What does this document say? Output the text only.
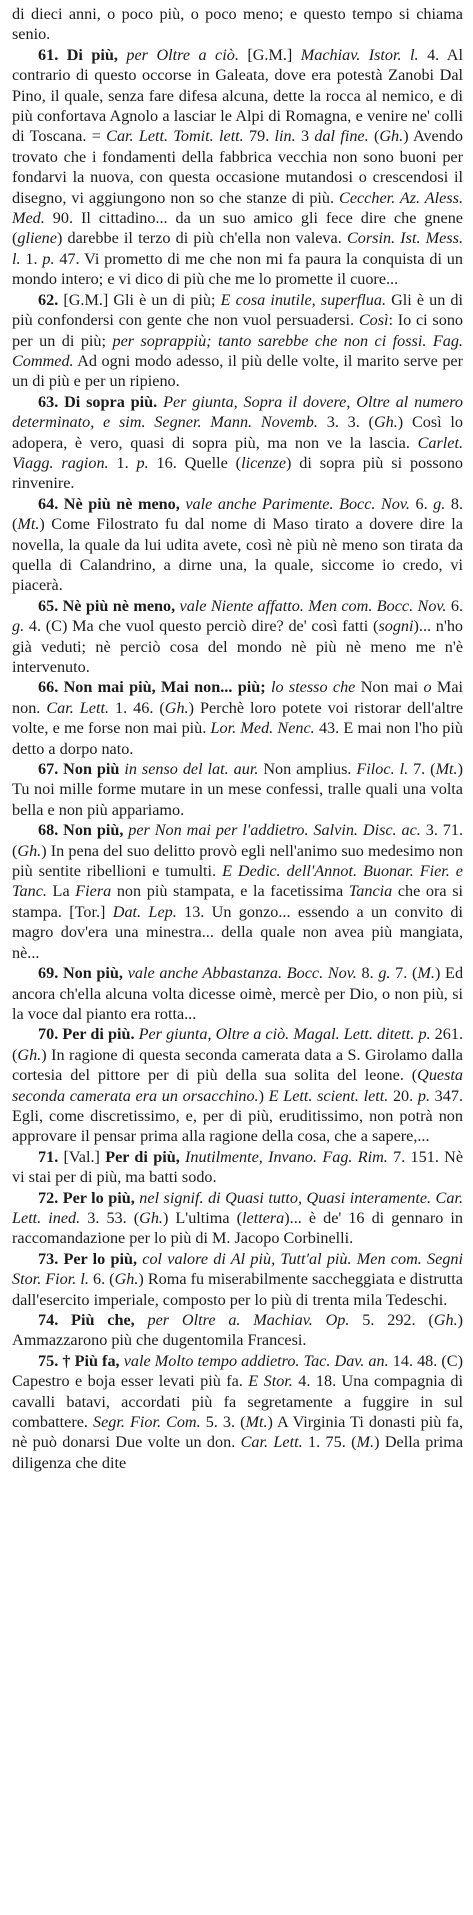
di dieci anni, o poco più, o poco meno; e questo tempo si chiama senio.

61. Di più, per Oltre a ciò. [G.M.] Machiav. Istor. l. 4. Al contrario di questo occorse in Galeata, dove era potestà Zanobi Dal Pino, il quale, senza fare difesa alcuna, dette la rocca al nemico, e di più confortava Agnolo a lasciar le Alpi di Romagna, e venire ne' colli di Toscana. = Car. Lett. Tomit. lett. 79. lin. 3 dal fine. (Gh.) Avendo trovato che i fondamenti della fabbrica vecchia non sono buoni per fondarvi la nuova, con questa occasione mutandosi o crescendosi il disegno, vi aggiungono non so che stanze di più. Ceccher. Az. Aless. Med. 90. Il cittadino... da un suo amico gli fece dire che gnene (gliene) darebbe il terzo di più ch'ella non valeva. Corsin. Ist. Mess. l. 1. p. 47. Vi prometto di me che non mi fa paura la conquista di un mondo intero; e vi dico di più che me lo promette il cuore...

62. [G.M.] Gli è un di più; E cosa inutile, superflua. Gli è un di più confondersi con gente che non vuol persuadersi. Così: Io ci sono per un di più; per soprappiù; tanto sarebbe che non ci fossi. Fag. Commed. Ad ogni modo adesso, il più delle volte, il marito serve per un di più e per un ripieno.

63. Di sopra più. Per giunta, Sopra il dovere, Oltre al numero determinato, e sim. Segner. Mann. Novemb. 3. 3. (Gh.) Così lo adopera, è vero, quasi di sopra più, ma non ve la lascia. Carlet. Viagg. ragion. 1. p. 16. Quelle (licenze) di sopra più si possono rinvenire.

64. Nè più nè meno, vale anche Parimente. Bocc. Nov. 6. g. 8. (Mt.) Come Filostrato fu dal nome di Maso tirato a dovere dire la novella, la quale da lui udita avete, così nè più nè meno son tirata da quella di Calandrino, a dirne una, la quale, siccome io credo, vi piacerà.

65. Nè più nè meno, vale Niente affatto. Men com. Bocc. Nov. 6. g. 4. (C) Ma che vuol questo perciò dire? de' così fatti (sogni)... n'ho già veduti; nè perciò cosa del mondo nè più nè meno me n'è intervenuto.

66. Non mai più, Mai non... più; lo stesso che Non mai o Mai non. Car. Lett. 1. 46. (Gh.) Perchè loro potete voi ristorar dell'altre volte, e me forse non mai più. Lor. Med. Nenc. 43. E mai non l'ho più detto a dorpo nato.

67. Non più in senso del lat. aur. Non amplius. Filoc. l. 7. (Mt.) Tu noi mille forme mutare in un mese confessi, tralle quali una volta bella e non più appariamo.

68. Non più, per Non mai per l'addietro. Salvin. Disc. ac. 3. 71. (Gh.) In pena del suo delitto provò egli nell'animo suo medesimo non più sentite ribellioni e tumulti. E Dedic. dell'Annot. Buonar. Fier. e Tanc. La Fiera non più stampata, e la facetissima Tancia che ora si stampa. [Tor.] Dat. Lep. 13. Un gonzo... essendo a un convito di magro dov'era una minestra... della quale non avea più mangiata, nè...

69. Non più, vale anche Abbastanza. Bocc. Nov. 8. g. 7. (M.) Ed ancora ch'ella alcuna volta dicesse oimè, mercè per Dio, o non più, si la voce dal pianto era rotta...

70. Per di più. Per giunta, Oltre a ciò. Magal. Lett. ditett. p. 261. (Gh.) In ragione di questa seconda camerata data a S. Girolamo dalla cortesia del pittore per di più della sua solita del leone. (Questa seconda camerata era un orsacchino.) E Lett. scient. lett. 20. p. 347. Egli, come discretissimo, e, per di più, eruditissimo, non potrà non approvare il pensar prima alla ragione della cosa, che a sapere,...

71. [Val.] Per di più, Inutilmente, Invano. Fag. Rim. 7. 151. Nè vi stai per di più, ma batti sodo.

72. Per lo più, nel signif. di Quasi tutto, Quasi interamente. Car. Lett. ined. 3. 53. (Gh.) L'ultima (lettera)... è de' 16 di gennaro in raccomandazione per lo più di M. Jacopo Corbinelli.

73. Per lo più, col valore di Al più, Tutt'al più. Men com. Segni Stor. Fior. l. 6. (Gh.) Roma fu miserabilmente saccheggiata e distrutta dall'esercito imperiale, composto per lo più di trenta mila Tedeschi.

74. Più che, per Oltre a. Machiav. Op. 5. 292. (Gh.) Ammazzarono più che dugentomila Francesi.

75. † Più fa, vale Molto tempo addietro. Tac. Dav. an. 14. 48. (C) Capestro e boja esser levati più fa. E Stor. 4. 18. Una compagnia di cavalli batavi, accordati più fa segretamente a fuggire in sul combattere. Segr. Fior. Com. 5. 3. (Mt.) A Virginia Ti donasti più fa, nè può donarsi Due volte un don. Car. Lett. 1. 75. (M.) Della prima diligenza che dite
